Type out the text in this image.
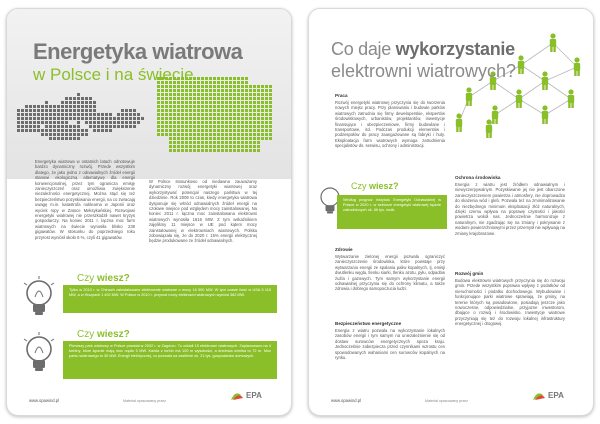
Energetyka wiatrowa
w Polsce i na świecie
Energetyka wiatrowa w ostatnich latach odnotowuje bardzo dynamiczny rozwój. Przede wszystkim dlatego, że jako jedno z odnawialnych źródeł energii stanowi ekologiczną alternatywę dla energii konwencjonalnej, przez tym ogranicza emisję zanieczyszczeń oraz umożliwia zwiększenie niezależności energetycznej. Można stąd się też bezpieczeństwo pozyskiwania energii, na co zwracają uwagę m.in. katastrofa nuklearna w Japonii oraz wyciek ropy w Zatoce Meksykańskiej. Rozwojowi energetyki wiatrowej nie przeszkodził nawet kryzys gospodarczy. Na koniec 2011 r. łączna moc farm wiatrowych na świecie wynosiła blisko 238 gigawatów. W stosunku do poprzedniego roku przyrost wyniósł około 6 %, czyli 41 gigawatów.
W Polsce stosunkowo od niedawna zauważamy dynamiczny rozwój energetyki wiatrowej oraz wykorzystywać potencjał naszego państwa w tej dziedzinie. Rok 2009 to czas, kiedy energetyka wiatrowa dysponuje się wśród odnawialnych źródeł energii na czołowe miejsce pod względem mocy zainstalowanej. Na koniec 2011 r. łączna moc zainstalowana elektrowni wiatrowych wynosiła 1616 MW. Z tym wskaźnikiem zajęliśmy 11 miejsce w UE pod kątem mocy zainstalowanej w elektrowniach wiatrowych. Polska zobowiązała się, że do 2020 r. 15% energii elektrycznej będzie produkowane ze źródeł odnawialnych.
Czy wiesz?
Tylko w 2010 r. w Chinach zainstalowano elektrownie wiatrowe o mocy 16 500 MW. W tym czasie ilość w USA 5 115 MW, a w Hiszpanii 1 492 MW. W Polsce w 2010 r. przyrost mocy elektrowni wiatrowych wyniósł 382 MW.
Czy wiesz?
Pierwszy park wiatrowy w Polsce powstał w 2002 r. w Zagórzu. Tu oddali 15 elektrowni wiatrowych. Zaplanowano na 4 turbiny, które łącznie mają moc rzędu 5 MW. Każda z turbin ma 100 m wysokości, a średnica wirnika to 72 m. Moc parku wiatrowego to 30 MW. Energii elektrycznej, co pozwala na zasilenie ok. 21 tys. gospodarstw domowych.
www.opawind.pl	Materiał opracowany przez
EPA
Co daje wykorzystanie
elektrowni wiatrowych?
Praca
Rozwój energetyki wiatrowej przyczynia się do tworzenia nowych miejsc pracy. Przy planowaniu i budowie parków wiatrowych zatrudnia się firmy deweloperskie, ekspertów środowiskowych, urbanistów, projektantów, inwestycje finansujące i ubezpieczeniowe, firmy budowlane i transportowe, itd. Podczas produkcji elementów i podzespołów do pracy zaangażowane są fabryki i huty. Eksploatacja farm wiatrowych wymaga zatrudnienia specjalistów ds. serwisu, ochrony i administracji.
Czy wiesz?
Według prognoz Instytutu Energetyki Odnawialnej w Polsce w 2020 r. w sektorze energetyki wiatrowej będzie zatrudnionych ok. 66 tys. osób.
Zdrowie
Wytwarzanie zielonej energii pozwala ograniczyć zanieczyszczenie środowiska, które powstaje przy wytwarzaniu energii ze spalania paliw kopalnych, tj. emisji dwutlenku węgla, tlenku siarki, tlenku azotu, pyłu, odpadów żużla i gazowych. Tym samym wykorzystanie energii odnawialnej przyczynia się do ochrony klimatu, a także zdrowia i dobrego samopoczucia ludzi.
Bezpieczeństwo energetyczne
Energia z wiatru pozwala na wykorzystanie lokalnych zasobów energii i tym samym na uniezależnienie się od dostaw surowców energetycznych spoza kraju. Jednocześnie zabezpiecza przed czynnikami wzrostu cen spowodowanych wahaniami cen surowców kopalnych na rynku.
Ochrona środowiska
Energia z wiatru jest źródłem odnawialnym i niewyczerpywalnym. Pozyskiwanie jej nie jest obarczone zanieczyszczeniem powietrza i atmosfery, nie doprowadza do skażenia wód i gleb. Pozwala też na zminimalizowanie do niezbędnego minimum eksploatacji złóż naturalnych, dzięki czemu wpływa na poprawę czystości i jakości powietrza wokół nas. Jednocześnie harmonizuje z naturalnym, nie zgadzając się na zmiany i pokrywanie z wodami powierzchniowymi przez przemysł nie wpływają na zmiany krajobrazowe.
Rozwój gmin
Budowa elektrowni wiatrowych przyczynia się do rozwoju gmin. Przede wszystkim poprawia wpływy z podatków od nieruchomości i podatku dochodowego. Wybudowane i funkcjonujące parki wiatrowe sprawiają, że gminy, na terenie których są posadowione, posiadają jeszcze jako nowoczesne, odpowiedzialne, przyjazne inwestorom, dbające o rozwój i środowisko. Inwestycje wiatrowe przyczyniają się też do rozwoju lokalnej infrastruktury energetycznej i drogowej.
www.opawind.pl	Materiał opracowany przez
EPA
